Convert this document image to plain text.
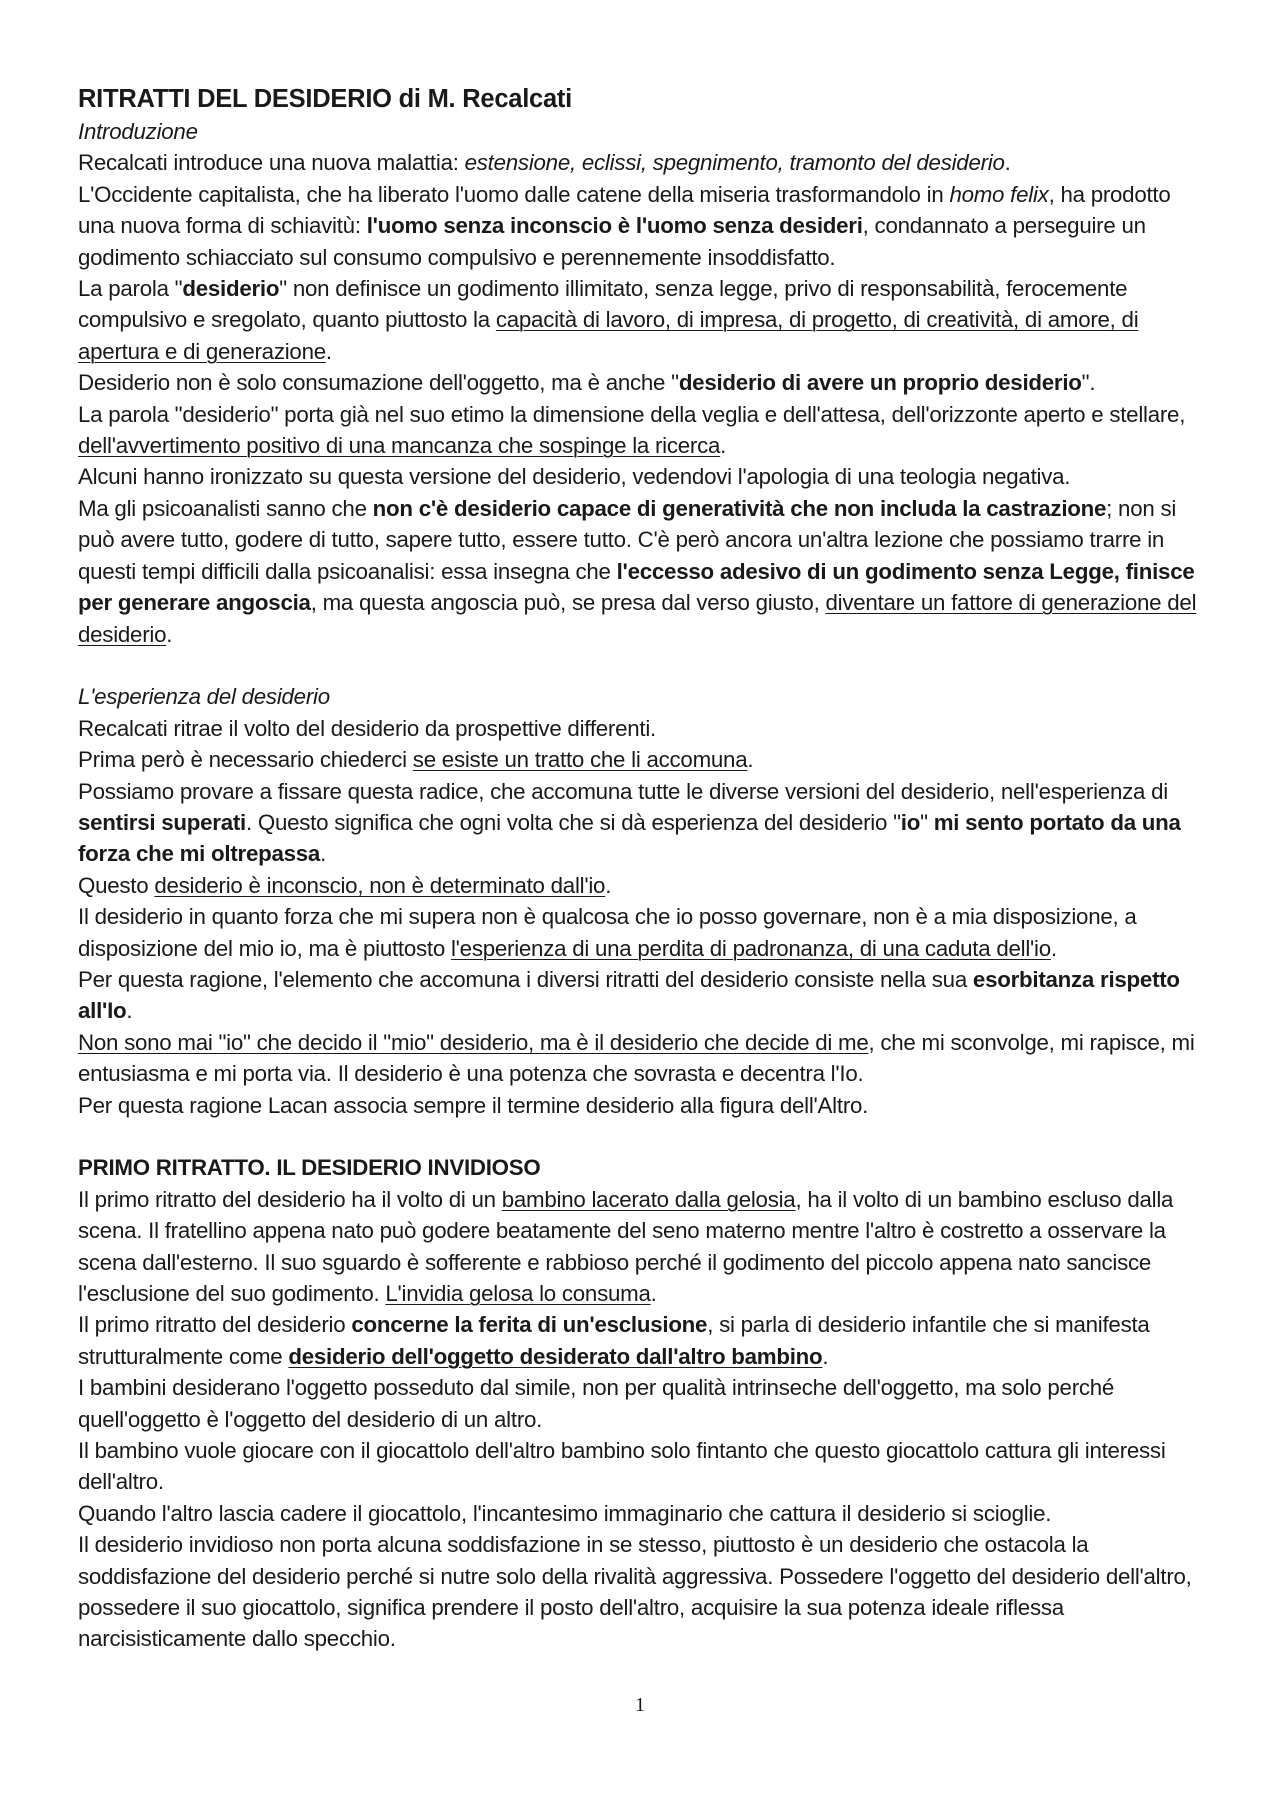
RITRATTI DEL DESIDERIO di M. Recalcati

Introduzione

Recalcati introduce una nuova malattia: estensione, eclissi, spegnimento, tramonto del desiderio.

L'Occidente capitalista, che ha liberato l'uomo dalle catene della miseria trasformandolo in homo felix, ha prodotto una nuova forma di schiavitù: l'uomo senza inconscio è l'uomo senza desideri, condannato a perseguire un godimento schiacciato sul consumo compulsivo e perennemente insoddisfatto.

La parola "desiderio" non definisce un godimento illimitato, senza legge, privo di responsabilità, ferocemente compulsivo e sregolato, quanto piuttosto la capacità di lavoro, di impresa, di progetto, di creatività, di amore, di apertura e di generazione.

Desiderio non è solo consumazione dell'oggetto, ma è anche "desiderio di avere un proprio desiderio".

La parola "desiderio" porta già nel suo etimo la dimensione della veglia e dell'attesa, dell'orizzonte aperto e stellare, dell'avvertimento positivo di una mancanza che sospinge la ricerca.

Alcuni hanno ironizzato su questa versione del desiderio, vedendovi l'apologia di una teologia negativa.

Ma gli psicoanalisti sanno che non c'è desiderio capace di generatività che non includa la castrazione; non si può avere tutto, godere di tutto, sapere tutto, essere tutto. C'è però ancora un'altra lezione che possiamo trarre in questi tempi difficili dalla psicoanalisi: essa insegna che l'eccesso adesivo di un godimento senza Legge, finisce per generare angoscia, ma questa angoscia può, se presa dal verso giusto, diventare un fattore di generazione del desiderio.

L'esperienza del desiderio

Recalcati ritrae il volto del desiderio da prospettive differenti.

Prima però è necessario chiederci se esiste un tratto che li accomuna.

Possiamo provare a fissare questa radice, che accomuna tutte le diverse versioni del desiderio, nell'esperienza di sentirsi superati. Questo significa che ogni volta che si dà esperienza del desiderio "io" mi sento portato da una forza che mi oltrepassa.

Questo desiderio è inconscio, non è determinato dall'io.

Il desiderio in quanto forza che mi supera non è qualcosa che io posso governare, non è a mia disposizione, a disposizione del mio io, ma è piuttosto l'esperienza di una perdita di padronanza, di una caduta dell'io.

Per questa ragione, l'elemento che accomuna i diversi ritratti del desiderio consiste nella sua esorbitanza rispetto all'Io.

Non sono mai "io" che decido il "mio" desiderio, ma è il desiderio che decide di me, che mi sconvolge, mi rapisce, mi entusiasma e mi porta via. Il desiderio è una potenza che sovrasta e decentra l'Io.

Per questa ragione Lacan associa sempre il termine desiderio alla figura dell'Altro.

PRIMO RITRATTO. IL DESIDERIO INVIDIOSO

Il primo ritratto del desiderio ha il volto di un bambino lacerato dalla gelosia, ha il volto di un bambino escluso dalla scena. Il fratellino appena nato può godere beatamente del seno materno mentre l'altro è costretto a osservare la scena dall'esterno. Il suo sguardo è sofferente e rabbioso perché il godimento del piccolo appena nato sancisce l'esclusione del suo godimento. L'invidia gelosa lo consuma.

Il primo ritratto del desiderio concerne la ferita di un'esclusione, si parla di desiderio infantile che si manifesta strutturalmente come desiderio dell'oggetto desiderato dall'altro bambino.

I bambini desiderano l'oggetto posseduto dal simile, non per qualità intrinseche dell'oggetto, ma solo perché quell'oggetto è l'oggetto del desiderio di un altro.

Il bambino vuole giocare con il giocattolo dell'altro bambino solo fintanto che questo giocattolo cattura gli interessi dell'altro.

Quando l'altro lascia cadere il giocattolo, l'incantesimo immaginario che cattura il desiderio si scioglie.

Il desiderio invidioso non porta alcuna soddisfazione in se stesso, piuttosto è un desiderio che ostacola la soddisfazione del desiderio perché si nutre solo della rivalità aggressiva. Possedere l'oggetto del desiderio dell'altro, possedere il suo giocattolo, significa prendere il posto dell'altro, acquisire la sua potenza ideale riflessa narcisisticamente dallo specchio.

1
